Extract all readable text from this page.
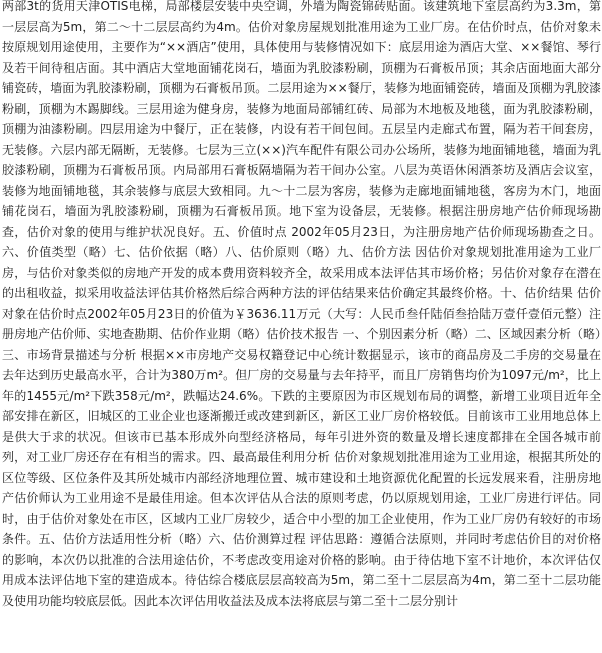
两部3t的货用天津OTIS电梯，局部楼层安装中央空调，外墙为陶瓷锦砖贴面。该建筑地下室层高约为3.3m，第一层层高为5m，第二～十二层层高约为4m。估价对象房屋规划批准用途为工业厂房。在估价时点，估价对象未按原规划用途使用，主要作为“××酒店”使用，具体使用与装修情况如下：底层用途为酒店大堂、××餐馆、琴行及若干间待租店面。其中酒店大堂地面铺花岗石，墙面为乳胶漆粉刷，顶棚为石膏板吊顶；其余店面地面大部分铺瓷砖，墙面为乳胶漆粉刷，顶棚为石膏板吊顶。二层用途为××餐厅，装修为地面铺瓷砖，墙面及顶棚为乳胶漆粉刷，顶棚为木踢脚线。三层用途为健身房，装修为地面局部铺红砖、局部为木地板及地毯，面为乳胶漆粉刷，顶棚为油漆粉刷。四层用途为中餐厅，正在装修，内设有若干间包间。五层呈内走廊式布置，隔为若干间套房，无装修。六层内部无隔断，无装修。七层为三立(××)汽车配件有限公司办公场所，装修为地面铺地毯，墙面为乳胶漆粉刷，顶棚为石膏板吊顶。内局部用石膏板隔墙隔为若干间办公室。八层为英语休闲酒茶坊及酒店会议室，装修为地面铺地毯，其余装修与底层大致相同。九～十二层为客房，装修为走廊地面铺地毯，客房为木门，地面铺花岗石，墙面为乳胶漆粉刷，顶棚为石膏板吊顶。地下室为设备层，无装修。根据注册房地产估价师现场勘查，估价对象的使用与维护状况良好。五、价值时点 2002年05月23日，为注册房地产估价师现场勘查之日。六、价值类型（略）七、估价依据（略）八、估价原则（略）九、估价方法 因估价对象规划批准用途为工业厂房，与估价对象类似的房地产开发的成本费用资料较齐全，故采用成本法评估其市场价格；另估价对象存在潜在的出租收益，拟采用收益法评估其价格然后综合两种方法的评估结果来估价确定其最终价格。十、估价结果 估价对象在估价时点2002年05月23日的价值为￥3636.11万元（大写：人民币叁仟陆佰叁拾陆万壹仟壹佰元整）注册房地产估价师、实地查勘期、估价作业期（略）估价技术报告 一、个别因素分析（略）二、区域因素分析（略）三、市场背景描述与分析 根据××市房地产交易权籍登记中心统计数据显示，该市的商品房及二手房的交易量在去年达到历史最高水平，合计为380万m²。但厂房的交易量与去年持平，而且厂房销售均价为1097元/m²，比上年的1455元/m²下跌358元/m²，跌幅达24.6%。下跌的主要原因为市区规划布局的调整，新增工业项目近年全部安排在新区，旧城区的工业企业也逐渐搬迁或改建到新区，新区工业厂房价格较低。目前该市工业用地总体上是供大于求的状况。但该市已基本形成外向型经济格局，每年引进外资的数量及增长速度都排在全国各城市前列，对工业厂房还存在有相当的需求。四、最高最佳利用分析 估价对象规划批准用途为工业用途，根据其所处的区位等级、区位条件及其所处城市内部经济地理位置、城市建设和土地资源优化配置的长远发展来看，注册房地产估价师认为工业用途不是最佳用途。但本次评估从合法的原则考虑，仍以原规划用途，工业厂房进行评估。同时，由于估价对象处在市区，区域内工业厂房较少，适合中小型的加工企业使用，作为工业厂房仍有较好的市场条件。五、估价方法适用性分析（略）六、估价测算过程 评估思路：遵循合法原则，并同时考虑估价目的对价格的影响，本次仍以批准的合法用途估价，不考虑改变用途对价格的影响。由于待估地下室不计地价，本次评估仅用成本法评估地下室的建造成本。待估综合楼底层层高较高为5m，第二至十二层层高为4m，第二至十二层功能及使用功能均较底层低。因此本次评估用收益法及成本法将底层与第二至十二层分别计
